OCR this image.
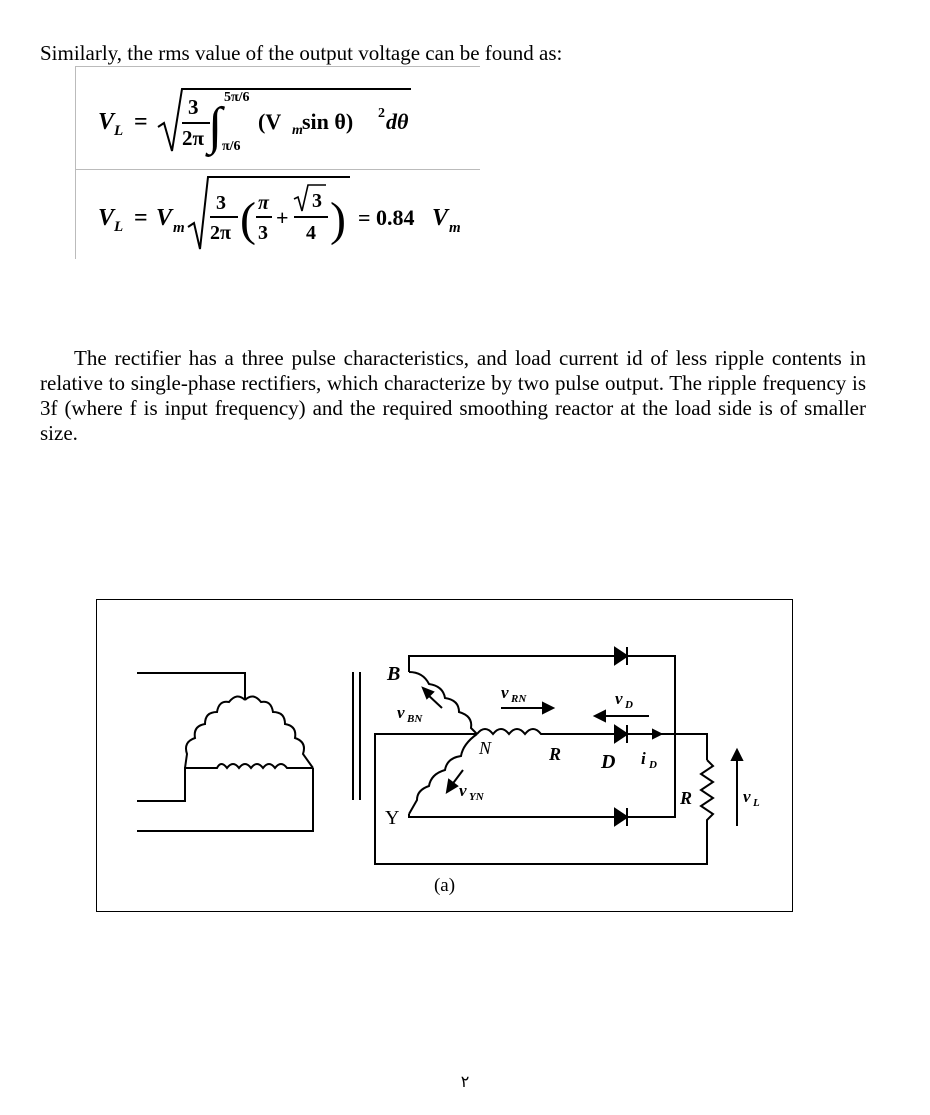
Similarly, the rms value of the output voltage can be found as:

V L =
3
2π ∫
5π/6
π/6
(V m sin θ) 2 dθ
V L = V m
3
2π ( π
3
+
3
4 ) = 0.84 V m

The rectifier has a three pulse characteristics, and load current id of less ripple contents in relative to single-phase rectifiers, which characterize by two pulse output. The ripple frequency is 3f (where f is input frequency) and the required smoothing reactor at the load side is of smaller size.

B
Y
N	R D
R
v BN
v RN
v YN
v D
i D
v L
(a)
٢
